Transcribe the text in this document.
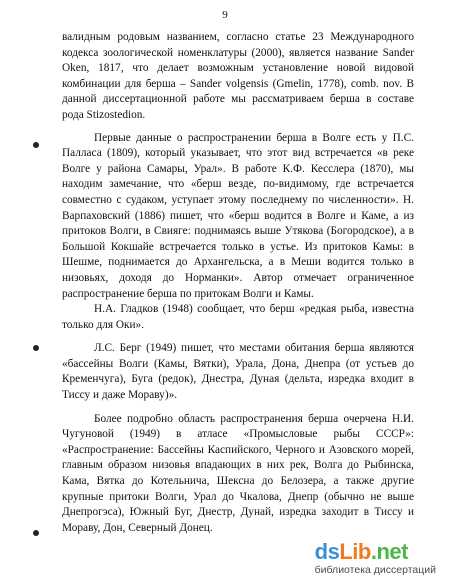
9

валидным родовым названием, согласно статье 23 Международного кодекса зоологической номенклатуры (2000), является название Sander Oken, 1817, что делает возможным установление новой видовой комбинации для берша – Sander volgensis (Gmelin, 1778), comb. nov. В данной диссертационной работе мы рассматриваем берша в составе рода Stizostedion.

Первые данные о распространении берша в Волге есть у П.С. Палласа (1809), который указывает, что этот вид встречается «в реке Волге у района Самары, Урал». В работе К.Ф. Кесслера (1870), мы находим замечание, что «берш везде, по-видимому, где встречается совместно с судаком, уступает этому последнему по численности». Н. Варпаховский (1886) пишет, что «берш водится в Волге и Каме, а из притоков Волги, в Свияге: поднимаясь выше Утякова (Богородское), а в Большой Кокшайе встречается только в устье. Из притоков Камы: в Шешме, поднимается до Архангельска, а в Меши водится только в низовьях, доходя до Норманки». Автор отмечает ограниченное распространение берша по притокам Волги и Камы.

Н.А. Гладков (1948) сообщает, что берш «редкая рыба, известна только для Оки».

Л.С. Берг (1949) пишет, что местами обитания берша являются «бассейны Волги (Камы, Вятки), Урала, Дона, Днепра (от устьев до Кременчуга), Буга (редок), Днестра, Дуная (дельта, изредка входит в Тиссу и даже Мораву)».

Более подробно область распространения берша очерчена Н.И. Чугуновой (1949) в атласе «Промысловые рыбы СССР»: «Распространение: Бассейны Каспийского, Черного и Азовского морей, главным образом низовья впадающих в них рек, Волга до Рыбинска, Кама, Вятка до Котельнича, Шексна до Белозера, а также другие крупные притоки Волги, Урал до Чкалова, Днепр (обычно не выше Днепрогэса), Южный Буг, Днестр, Дунай, изредка заходит в Тиссу и Мораву, Дон, Северный Донец.

dsLib.net
библиотека диссертаций
